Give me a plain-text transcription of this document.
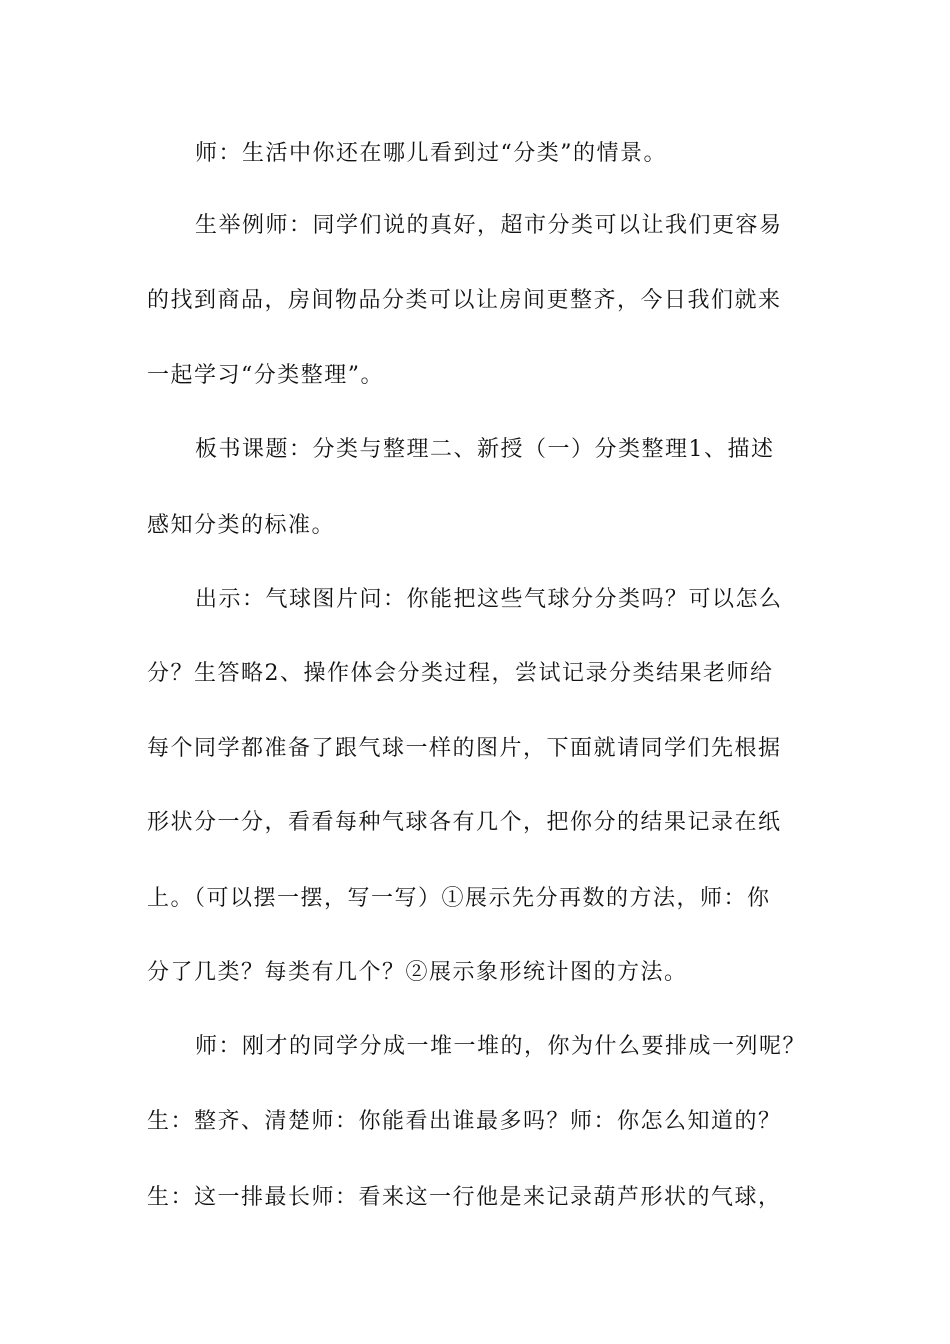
师：生活中你还在哪儿看到过“分类”的情景。
生举例师：同学们说的真好，超市分类可以让我们更容易
的找到商品，房间物品分类可以让房间更整齐，今日我们就来
一起学习“分类整理”。
板书课题：分类与整理二、新授（一）分类整理1、描述
感知分类的标准。
出示：气球图片问：你能把这些气球分分类吗？可以怎么
分？生答略2、操作体会分类过程，尝试记录分类结果老师给
每个同学都准备了跟气球一样的图片，下面就请同学们先根据
形状分一分，看看每种气球各有几个，把你分的结果记录在纸
上。（可以摆一摆，写一写）①展示先分再数的方法，师：你
分了几类？每类有几个？②展示象形统计图的方法。
师：刚才的同学分成一堆一堆的，你为什么要排成一列呢？
生：整齐、清楚师：你能看出谁最多吗？师：你怎么知道的？
生：这一排最长师：看来这一行他是来记录葫芦形状的气球，
